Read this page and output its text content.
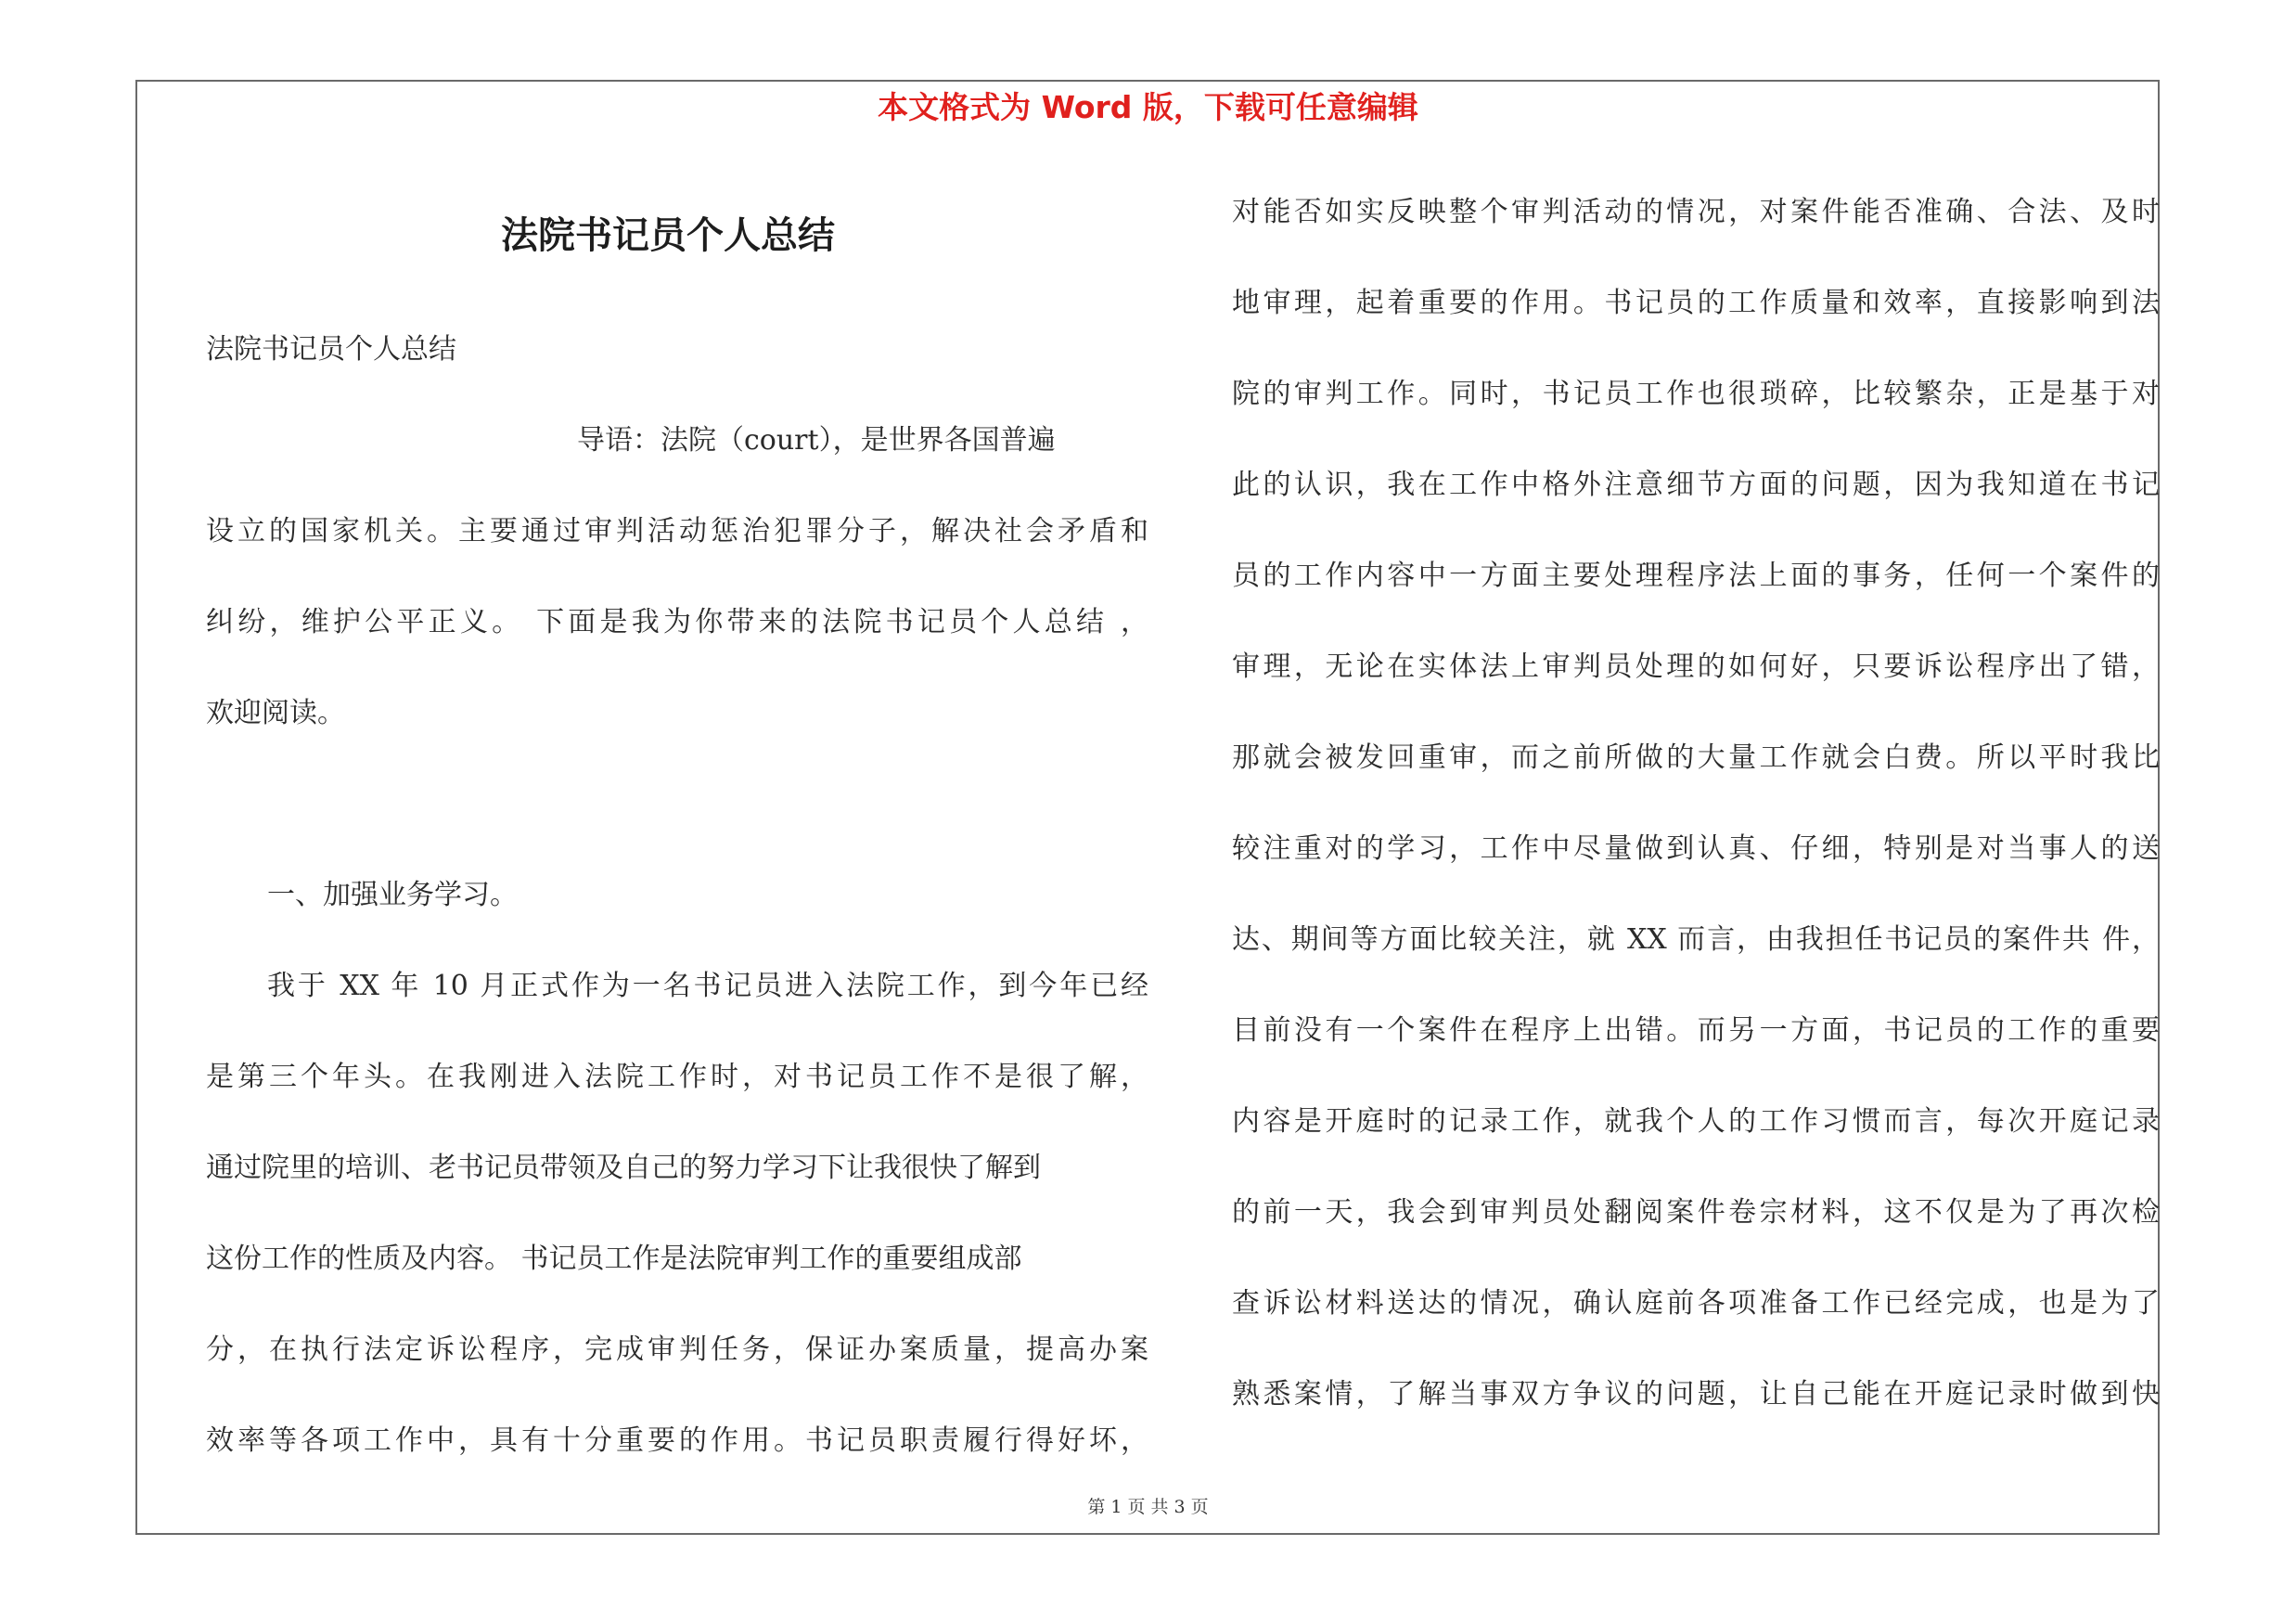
本文格式为 Word 版，下载可任意编辑
法院书记员个人总结

法院书记员个人总结

导语：法院（court），是世界各国普遍

设立的国家机关。主要通过审判活动惩治犯罪分子，解决社会矛盾和

纠纷，维护公平正义。 下面是我为你带来的法院书记员个人总结 ，

欢迎阅读。

一、加强业务学习。

我于 XX 年 10 月正式作为一名书记员进入法院工作，到今年已经

是第三个年头。在我刚进入法院工作时，对书记员工作不是很了解，

通过院里的培训、老书记员带领及自己的努力学习下让我很快了解到

这份工作的性质及内容。 书记员工作是法院审判工作的重要组成部

分，在执行法定诉讼程序，完成审判任务，保证办案质量，提高办案

效率等各项工作中，具有十分重要的作用。书记员职责履行得好坏，

对能否如实反映整个审判活动的情况，对案件能否准确、合法、及时

地审理，起着重要的作用。书记员的工作质量和效率，直接影响到法

院的审判工作。同时，书记员工作也很琐碎，比较繁杂，正是基于对

此的认识，我在工作中格外注意细节方面的问题，因为我知道在书记

员的工作内容中一方面主要处理程序法上面的事务，任何一个案件的

审理，无论在实体法上审判员处理的如何好，只要诉讼程序出了错，

那就会被发回重审，而之前所做的大量工作就会白费。所以平时我比

较注重对的学习，工作中尽量做到认真、仔细，特别是对当事人的送

达、期间等方面比较关注，就 XX 而言，由我担任书记员的案件共 件，

目前没有一个案件在程序上出错。而另一方面，书记员的工作的重要

内容是开庭时的记录工作，就我个人的工作习惯而言，每次开庭记录

的前一天，我会到审判员处翻阅案件卷宗材料，这不仅是为了再次检

查诉讼材料送达的情况，确认庭前各项准备工作已经完成，也是为了

熟悉案情，了解当事双方争议的问题，让自己能在开庭记录时做到快

第 1 页 共 3 页
